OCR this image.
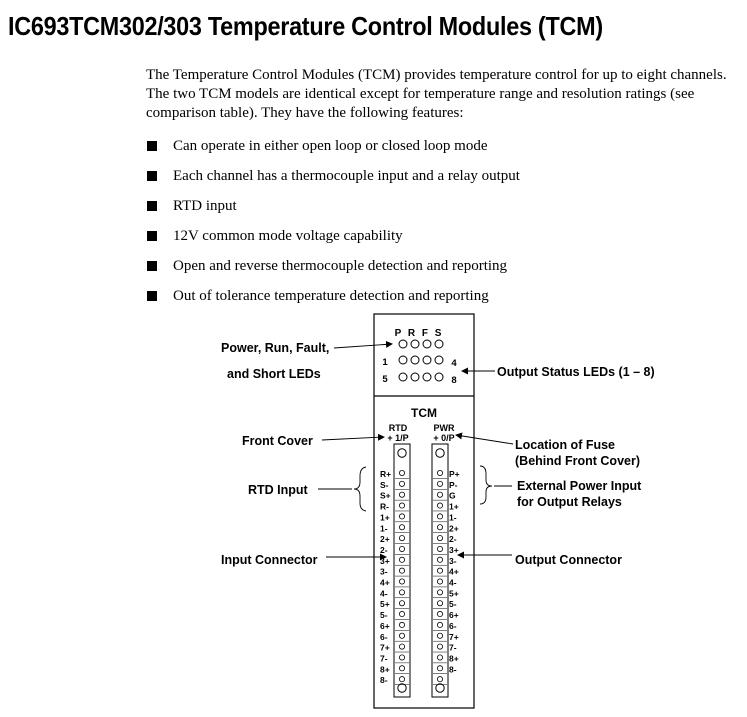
IC693TCM302/303 Temperature Control Modules (TCM)

The Temperature Control Modules (TCM) provides temperature control for up to eight channels. The two TCM models are identical except for temperature range and resolution ratings (see comparison table). They have the following features:

Can operate in either open loop or closed loop mode
Each channel has a thermocouple input and a relay output
RTD input
12V common mode voltage capability
Open and reverse thermocouple detection and reporting
Out of tolerance temperature detection and reporting
Power, Run, Fault,
and Short LEDs
Front Cover
RTD Input
Input Connector
Output Status LEDs (1 – 8)
Location of Fuse
(Behind Front Cover)
External Power Input
for Output Relays
Output Connector
P R F S
1	4
5	8
TCM
RTD
+ 1/P
PWR
+ 0/P
R+
S-
S+
R-
1+
1-
2+
2-
3+
3-
4+
4-
5+
5-
6+
6-
7+
7-
8+
8-
P+
P-
G
1+
1-
2+
2-
3+
3-
4+
4-
5+
5-
6+
6-
7+
7-
8+
8-
